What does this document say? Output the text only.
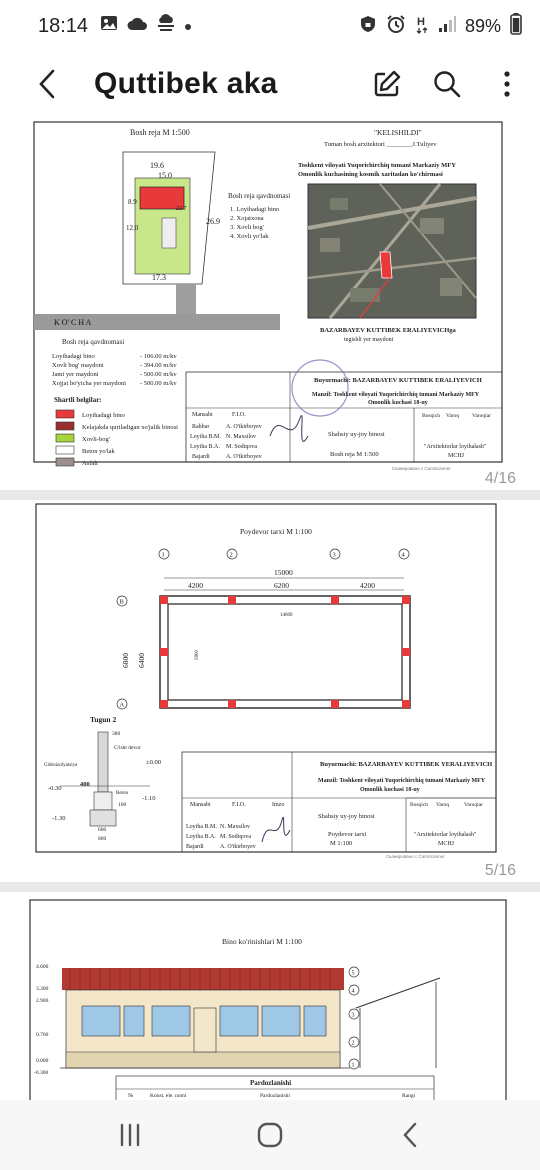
18:14	H 89%
Quttibek aka
Bosh reja M 1:500
19.6
15.0
8.9
12.0
26.9
17.3
22.7
K O' C H A
Bosh reja qavdnomasi
1. Loyihadagi bino
2. Xojatxona
3. Xovli bog'
4. Xovli yo'lak
"KELISHILDI"
Tuman bosh arxitektori ________J.Tuliyev
Toshkent viloyati Yuqorichirchiq tumani Markaziy MFY
Omonlik kuchasining kosmik xaritadan ko'chirmasi
BAZARBAYEV KUTTIBEK ERALIYEVICHga
tegishli yer maydoni
Bosh reja qavdnomasi
Loyihadagi bino	- 106.00 m/kv
Xovli bog' maydoni	- 394.00 m/kv
Jami yer maydoni	- 500.00 m/kv
Xojjat bo'yicha yer maydoni - 500.00 m/kv
Shartli belgilar:
Loyihadagi bino
Kelajakda quriladigan xo'jalik binosi
Xovli-bog'
Beton yo'lak
Asfalt
Buyurmachi: BAZARBAYEV KUTTIBEK ERALIYEVICH
Manzil: Toshkent viloyati Yuqorichirchiq tumani Markaziy MFY
Omonlik kuchasi 18-uy
Bosqich Varoq Varoqlar
Shahsiy uy-joy binosi
Bosh reja M 1:500
"Arxitektorlar loyihalash"
MCHJ
Mansabi	F.I.O.
Rahbar	A. O'tkirboyev
Loyiha B.M. N. Maxsilov
Loyiha B.A. M. Sodiqova
Bajardi	A. O'tkirboyev
Сканировано с CamScanner
4/16
Poydevor tarxi M 1:100
1	2	3	4
B
A
15000
4200	6200	4200
14600
5800
6800 6400
Tugun 2
380
G'isht devor
Gidroizolyatsiya	±0.00
-0.30
-1.10
-1.30
400
Beton
100
600
800
Buyurmachi: BAZARBAYEV KUTTIBEK YERALIYEVICH
Manzil: Toshkent viloyati Yuqorichirchiq tumani Markaziy MFY
Omonlik kuchasi 18-uy
Bosqich Varoq	Varoqlar
Shahsiy uy-joy binosi
Poydevor tarxi
M 1:100
"Arxitektorlar loyihalash"
MCHJ
Mansabi	F.I.O.	Imzo
Loyiha B.M. N. Maxsilov
Loyiha B.A. M. Sodiqova
Bajardi	A. O'tkirboyev
Сканировано с CamScanner
5/16
Bino ko'rinishlari M 1:100
4.600
3.300
2.900
0.700
0.000
-0.300
5
4
3
2
1
Pardozlanishi
№	Konst. ele. nomi	Pardozlanishi	Rangi
